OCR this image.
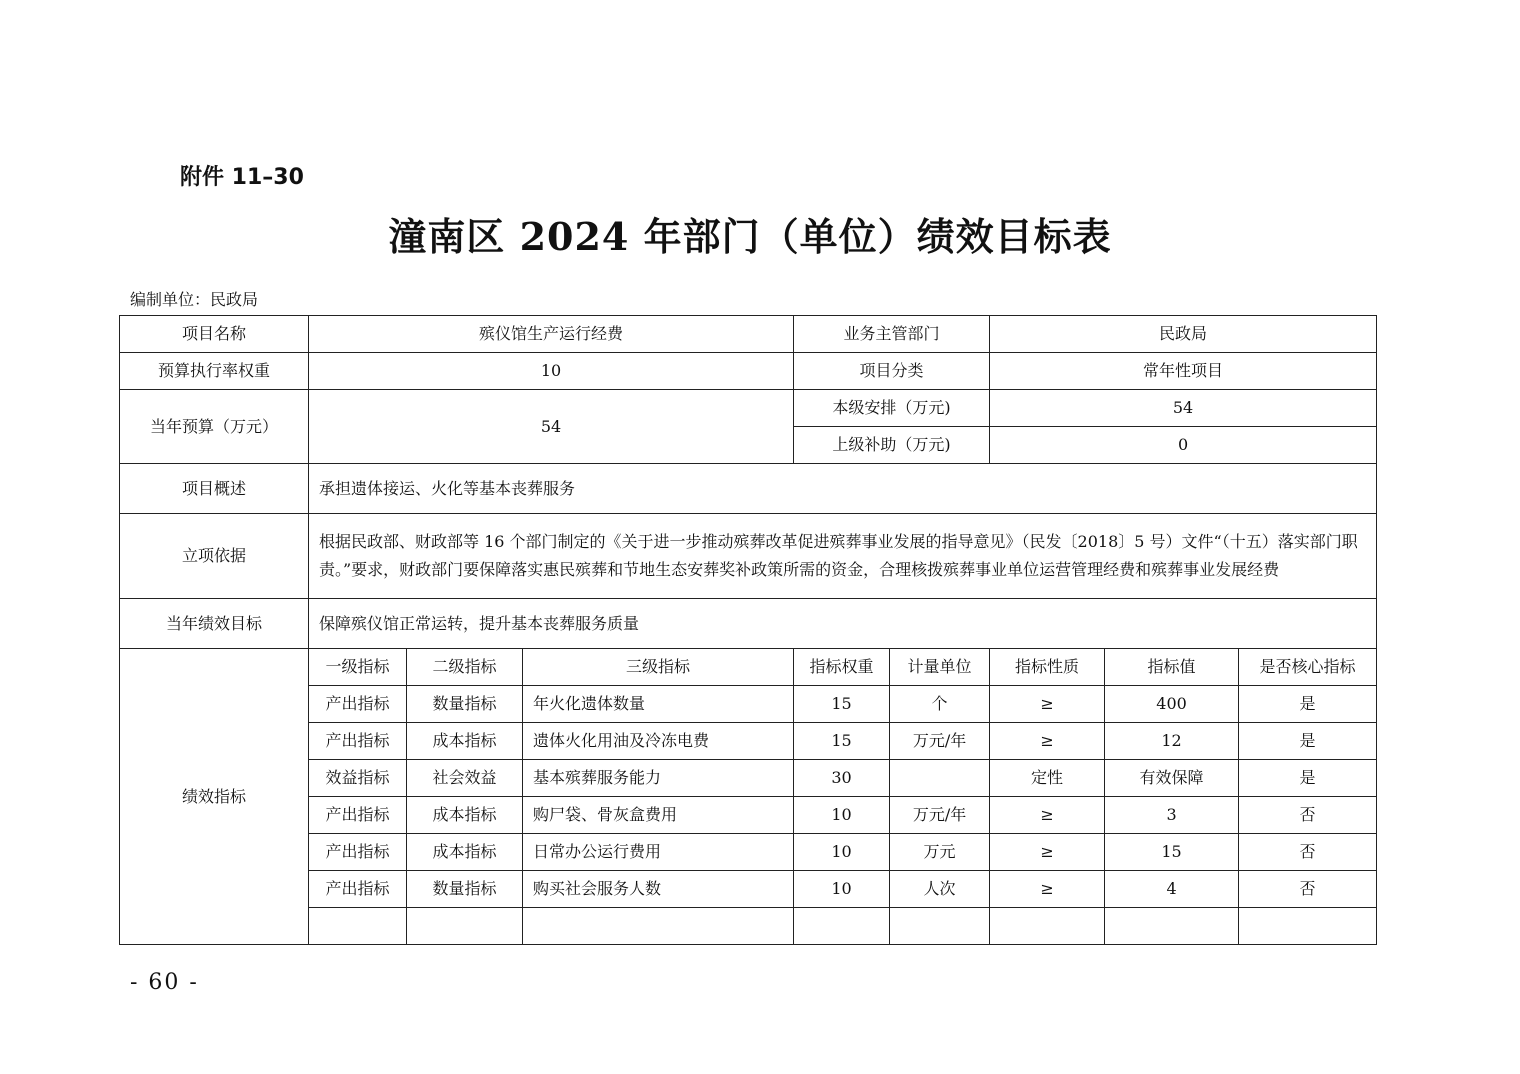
附件 11–30
潼南区 2024 年部门（单位）绩效目标表
编制单位：民政局
项目名称	殡仪馆生产运行经费			业务主管部门		民政局		
预算执行率权重	10			项目分类		常年性项目		
当年预算（万元）	54			本级安排（万元)		54		
				上级补助（万元)		0		
项目概述	承担遗体接运、火化等基本丧葬服务							
立项依据	根据民政部、财政部等 16 个部门制定的《关于进一步推动殡葬改革促进殡葬事业发展的指导意见》（民发〔2018〕5 号）文件“（十五）落实部门职责。”要求，财政部门要保障落实惠民殡葬和节地生态安葬奖补政策所需的资金，合理核拨殡葬事业单位运营管理经费和殡葬事业发展经费							
当年绩效目标	保障殡仪馆正常运转，提升基本丧葬服务质量							
绩效指标	一级指标	二级指标	三级指标	指标权重	计量单位	指标性质	指标值	是否核心指标
	产出指标	数量指标	年火化遗体数量	15	个	≥	400	是
	产出指标	成本指标	遗体火化用油及冷冻电费	15	万元/年	≥	12	是
	效益指标	社会效益	基本殡葬服务能力	30		定性	有效保障	是
	产出指标	成本指标	购尸袋、骨灰盒费用	10	万元/年	≥	3	否
	产出指标	成本指标	日常办公运行费用	10	万元	≥	15	否
	产出指标	数量指标	购买社会服务人数	10	人次	≥	4	否

- 60 -
